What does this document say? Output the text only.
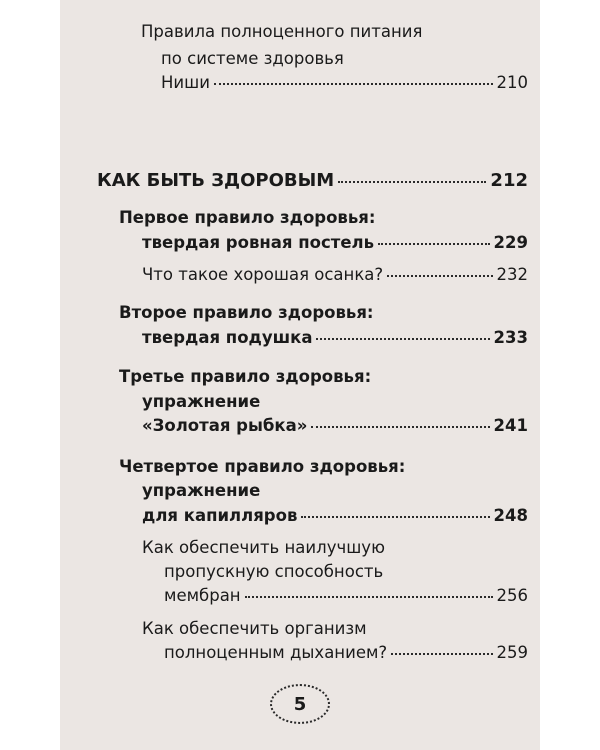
Правила полноценного питания
по системе здоровья
Ниши	210
КАК БЫТЬ ЗДОРОВЫМ	212
Первое правило здоровья:
твердая ровная постель	229
Что такое хорошая осанка?	232
Второе правило здоровья:
твердая подушка	233
Третье правило здоровья:
упражнение
«Золотая рыбка»	241
Четвертое правило здоровья:
упражнение
для капилляров	248
Как обеспечить наилучшую
пропускную способность
мембран	256
Как обеспечить организм
полноценным дыханием?	259
5
